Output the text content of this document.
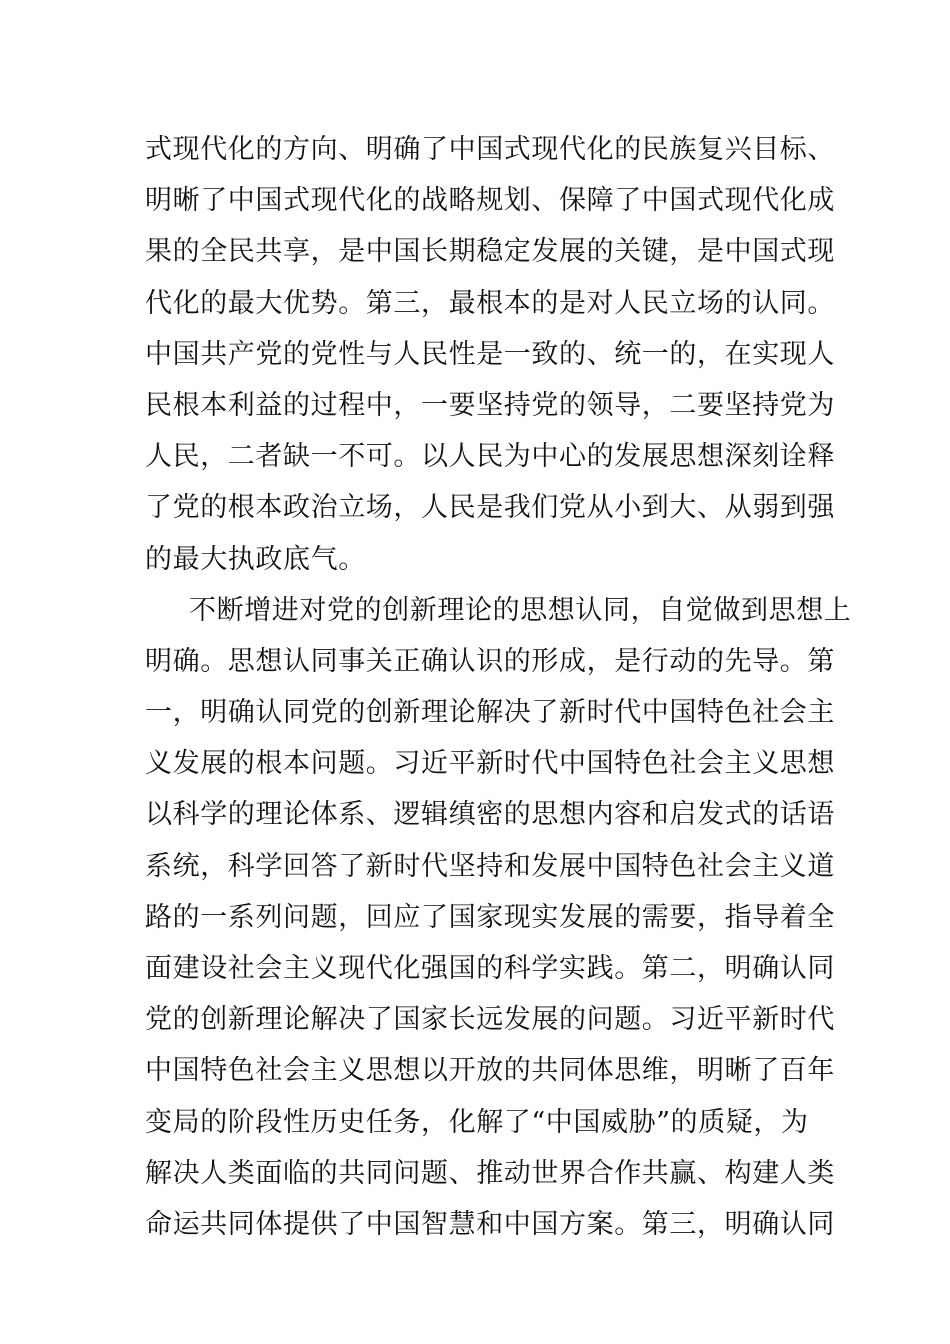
式现代化的方向、明确了中国式现代化的民族复兴目标、
明晰了中国式现代化的战略规划、保障了中国式现代化成
果的全民共享，是中国长期稳定发展的关键，是中国式现
代化的最大优势。第三，最根本的是对人民立场的认同。
中国共产党的党性与人民性是一致的、统一的，在实现人
民根本利益的过程中，一要坚持党的领导，二要坚持党为
人民，二者缺一不可。以人民为中心的发展思想深刻诠释
了党的根本政治立场，人民是我们党从小到大、从弱到强
的最大执政底气。
不断增进对党的创新理论的思想认同，自觉做到思想上
明确。思想认同事关正确认识的形成，是行动的先导。第
一，明确认同党的创新理论解决了新时代中国特色社会主
义发展的根本问题。习近平新时代中国特色社会主义思想
以科学的理论体系、逻辑缜密的思想内容和启发式的话语
系统，科学回答了新时代坚持和发展中国特色社会主义道
路的一系列问题，回应了国家现实发展的需要，指导着全
面建设社会主义现代化强国的科学实践。第二，明确认同
党的创新理论解决了国家长远发展的问题。习近平新时代
中国特色社会主义思想以开放的共同体思维，明晰了百年
变局的阶段性历史任务，化解了“中国威胁”的质疑，为
解决人类面临的共同问题、推动世界合作共赢、构建人类
命运共同体提供了中国智慧和中国方案。第三，明确认同
